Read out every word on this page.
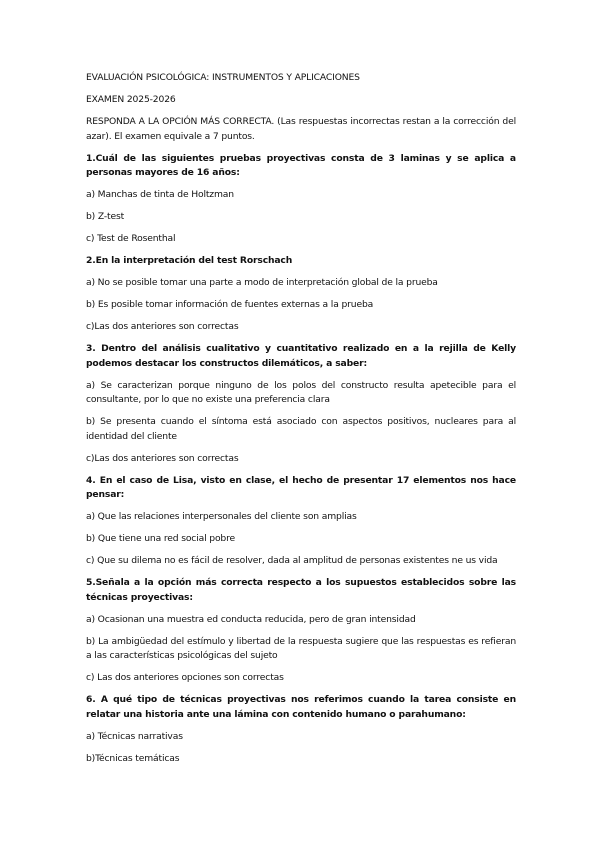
EVALUACIÓN PSICOLÓGICA: INSTRUMENTOS Y APLICACIONES

EXAMEN 2025-2026

RESPONDA A LA OPCIÓN MÁS CORRECTA. (Las respuestas incorrectas restan a la corrección del azar). El examen equivale a 7 puntos.

1.Cuál de las siguientes pruebas proyectivas consta de 3 laminas y se aplica a personas mayores de 16 años:

a) Manchas de tinta de Holtzman

b) Z-test

c) Test de Rosenthal

2.En la interpretación del test Rorschach

a) No se posible tomar una parte a modo de interpretación global de la prueba

b) Es posible tomar información de fuentes externas a la prueba

c)Las dos anteriores son correctas

3. Dentro del análisis cualitativo y cuantitativo realizado en a la rejilla de Kelly podemos destacar los constructos dilemáticos, a saber:

a) Se caracterizan porque ninguno de los polos del constructo resulta apetecible para el consultante, por lo que no existe una preferencia clara

b) Se presenta cuando el síntoma está asociado con aspectos positivos, nucleares para al identidad del cliente

c)Las dos anteriores son correctas

4. En el caso de Lisa, visto en clase, el hecho de presentar 17 elementos nos hace pensar:

a) Que las relaciones interpersonales del cliente son amplias

b) Que tiene una red social pobre

c) Que su dilema no es fácil de resolver, dada al amplitud de personas existentes ne us vida

5.Señala a la opción más correcta respecto a los supuestos establecidos sobre las técnicas proyectivas:

a) Ocasionan una muestra ed conducta reducida, pero de gran intensidad

b) La ambigüedad del estímulo y libertad de la respuesta sugiere que las respuestas es refieran a las características psicológicas del sujeto

c) Las dos anteriores opciones son correctas

6. A qué tipo de técnicas proyectivas nos referimos cuando la tarea consiste en relatar una historia ante una lámina con contenido humano o parahumano:

a) Técnicas narrativas

b)Técnicas temáticas
